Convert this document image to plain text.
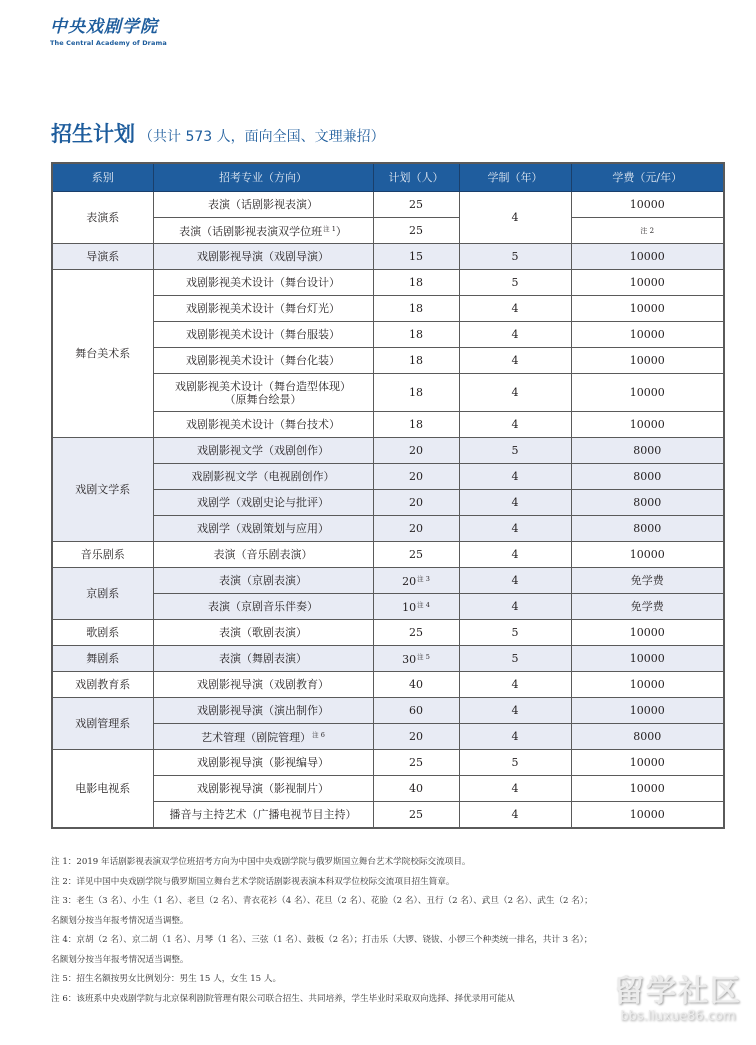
中央戏剧学院
The Central Academy of Drama
招生计划 （共计 573 人，面向全国、文理兼招）
系别	招考专业（方向）	计划（人）	学制（年）	学费（元/年）
表演系	表演（话剧影视表演）	25	4	10000
	表演（话剧影视表演双学位班$^{注 1}$）	25		注 2
导演系	戏剧影视导演（戏剧导演）	15	5	10000
舞台美术系	戏剧影视美术设计（舞台设计）	18	5	10000
	戏剧影视美术设计（舞台灯光）	18	4	10000
	戏剧影视美术设计（舞台服装）	18	4	10000
	戏剧影视美术设计（舞台化装）	18	4	10000

	戏剧影视美术设计（舞台造型体现）
（原舞台绘景）	18	4	10000
	戏剧影视美术设计（舞台技术）	18	4	10000
戏剧文学系	戏剧影视文学（戏剧创作）	20	5	8000
	戏剧影视文学（电视剧创作）	20	4	8000
	戏剧学（戏剧史论与批评）	20	4	8000
	戏剧学（戏剧策划与应用）	20	4	8000
音乐剧系	表演（音乐剧表演）	25	4	10000
京剧系	表演（京剧表演）	$20^{注 3}$	4	免学费
	表演（京剧音乐伴奏）	$10^{注 4}$	4	免学费
歌剧系	表演（歌剧表演）	25	5	10000
舞剧系	表演（舞剧表演）	$30^{注 5}$	5	10000
戏剧教育系	戏剧影视导演（戏剧教育）	40	4	10000
戏剧管理系	戏剧影视导演（演出制作）	60	4	10000
	艺术管理（剧院管理）$^{注 6}$	20	4	8000
电影电视系	戏剧影视导演（影视编导）	25	5	10000
	戏剧影视导演（影视制片）	40	4	10000
	播音与主持艺术（广播电视节目主持）	25	4	10000
注 1：2019 年话剧影视表演双学位班招考方向为中国中央戏剧学院与俄罗斯国立舞台艺术学院校际交流项目。
注 2：详见中国中央戏剧学院与俄罗斯国立舞台艺术学院话剧影视表演本科双学位校际交流项目招生简章。
注 3：老生（3 名）、小生（1 名）、老旦（2 名）、青衣花衫（4 名）、花旦（2 名）、花脸（2 名）、丑行（2 名）、武旦（2 名）、武生（2 名）；
名额划分按当年报考情况适当调整。
注 4：京胡（2 名）、京二胡（1 名）、月琴（1 名）、三弦（1 名）、鼓板（2 名）；打击乐（大锣、铙钹、小锣三个种类统一排名，共计 3 名）；
名额划分按当年报考情况适当调整。
注 5：招生名额按男女比例划分：男生 15 人，女生 15 人。
注 6：该班系中央戏剧学院与北京保利剧院管理有限公司联合招生、共同培养，学生毕业时采取双向选择、择优录用可能从	留学社区
bbs.liuxue86.com
